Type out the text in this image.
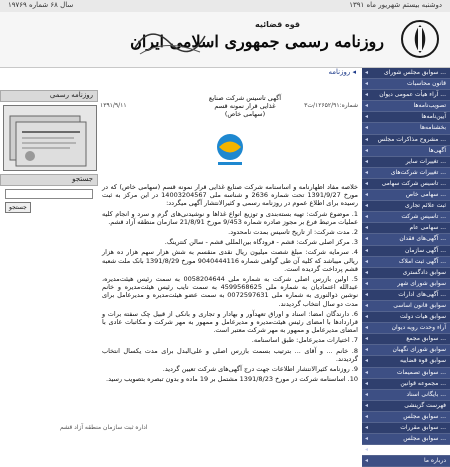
دوشنبه بیستم شهریور ماه ۱۳۹۱
سال ۶۸ شماره ۱۹۷۶۹
قوه قضائیه
روزنامه رسمی جمهوری اسلامی ایران
روزنامه ◂	◂	سوابق مجلس شورای ...
◂	قانون محاسبات
◂ آراء هیأت عمومی دیوان ...
◂	تصویب‌نامه‌ها
◂	آیین‌نامه‌ها
◂	بخشنامه‌ها
◂ مشروح مذاکرات مجلس ...
◂	آگهی‌ها
◂	تغییرات سایر ...
◂	تغییرات شرکت‌های ...
◂ تاسیس شرکت سهامی ...
◂	سهامی خاص ...
◂	ثبت علائم تجاری
◂	تاسیس شرکت ...
◂	سهامی عام ...
◂	آگهی‌های فقدان ...
◂	آگهی سازمان ...
◂	آگهی ثبت املاک ...
◂	سوابق دادگستری
◂	سوابق شورای شهر
◂	آگهی‌های ادارات ...
◂	سوابق قانون اساسی
◂	سوابق هیات دولت
◂	آراء وحدت رویه دیوان
◂	سوابق مجمع ...
◂	سوابق شورای نگهبان
◂	سوابق قوه قضاییه
◂	سوابق تصمیمات ...
◂	مجموعه قوانین ...
◂	بایگانی اسناد ...
◂	فهرست گزینشی
◂	سوابق مجلس ...
◂	سوابق مقررات ...
◂	سوابق مجلس ...
◂	مرکز اطلاعات ...
◂	درباره ما
روزنامه رسمی
جستجو
جستجو
شماره:۱۲۶۵۲/۹۱/ت۳
آگهی تاسیس شرکت صنایع
غذایی قرار نمونه قسم
(سهامی خاص)
۱۳۹۱/۹/۱۱

خلاصه مفاد اظهارنامه و اساسنامه شرکت صنایع غذایی قرار نمونه قسم (سهامی خاص) که در مورخ 1391/9/27 تحت شماره 2636 و شناسه ملی 14003204567 در این مرکز به ثبت رسیده برای اطلاع عموم در روزنامه رسمی و کثیرالانتشار آگهی میگردد:

1. موضوع شرکت: تهیه بسته‌بندی و توزیع انواع غذاها و نوشیدنی‌های گرم و سرد و انجام کلیه عملیات مرتبط فرع بر مجوز صادره شماره 9/453 مورخ 21/8/91 سازمان منطقه آزاد قشم.

2. مدت شرکت: از تاریخ تاسیس بمدت نامحدود.

3. مرکز اصلی شرکت: قشم - فرودگاه بین‌المللی قشم - سالن کنترینگ.

4. سرمایه شرکت: مبلغ شصت میلیون ریال نقدی منقسم به شش هزار سهم هزار ده هزار ریالی میباشد که کلیه آن طی گواهی شماره 9040444116 مورخ 1391/8/29 بانک ملت شعبه قشم پرداخت گردیده است.

5. اولین بازرس اصلی شرکت به شماره ملی 0058204644 به سمت رئیس هیئت‌مدیره، عبدالله اعتمادیان به شماره ملی 4599568625 به سمت نایب رئیس هیئت‌مدیره و خانم نوشین ذوالنوری به شماره ملی 0072597631 به سمت عضو هیئت‌مدیره و مدیرعامل برای مدت دو سال انتخاب گردیدند.

6. دارندگان امضا: اسناد و اوراق تعهدآور و بهادار و تجاری و بانکی از قبیل چک سفته برات و قراردادها با امضای رئیس هیئت‌مدیره و مدیرعامل و ممهور به مهر شرکت و مکاتبات عادی با امضای مدیرعامل و ممهور به مهر شرکت معتبر است.

7. اختیارات مدیرعامل: طبق اساسنامه.

8. خانم ... و آقای ... بترتیب بسمت بازرس اصلی و علی‌البدل برای مدت یکسال انتخاب گردیدند.

9. روزنامه کثیرالانتشار اطلاعات جهت درج آگهی‌های شرکت تعیین گردید.

10. اساسنامه شرکت در مورخ 1391/8/23 مشتمل بر 19 ماده و بدون تبصره بتصویب رسید.

اداره ثبت سازمان منطقه آزاد قشم
